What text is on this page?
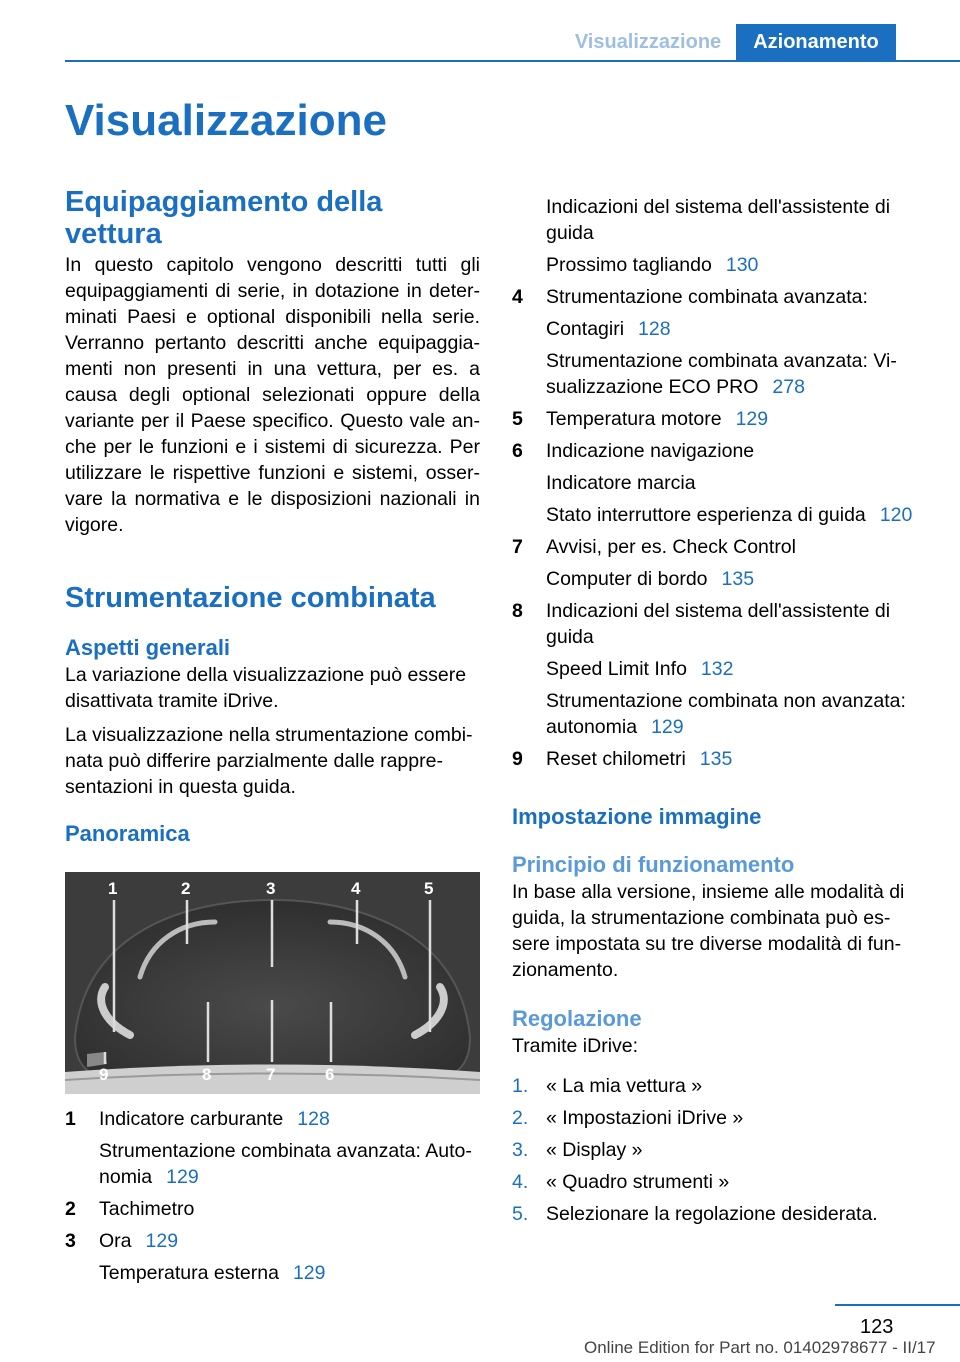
Visualizzazione	Azionamento
Visualizzazione
Equipaggiamento della vettura

In questo capitolo vengono descritti tutti gli equipaggiamenti di serie, in dotazione in determinati Paesi e optional disponibili nella serie. Verranno pertanto descritti anche equipaggiamenti non presenti in una vettura, per es. a causa degli optional selezionati oppure della variante per il Paese specifico. Questo vale anche per le funzioni e i sistemi di sicurezza. Per utilizzare le rispettive funzioni e sistemi, osservare la normativa e le disposizioni nazionali in vigore.

Strumentazione combinata
Aspetti generali

La variazione della visualizzazione può essere disattivata tramite iDrive.

La visualizzazione nella strumentazione combinata può differire parzialmente dalle rappresentazioni in questa guida.

Panoramica
1	2	3	4	5
6
7
8
9
1 Indicatore carburante 128

Strumentazione combinata avanzata: Autonomia 129

2 Tachimetro

3 Ora 129

Temperatura esterna 129

Indicazioni del sistema dell'assistente di guida

Prossimo tagliando 130

4 Strumentazione combinata avanzata:

Contagiri 128

Strumentazione combinata avanzata: Visualizzazione ECO PRO 278

5 Temperatura motore 129

6 Indicazione navigazione

Indicatore marcia

Stato interruttore esperienza di guida 120

7 Avvisi, per es. Check Control

Computer di bordo 135

8 Indicazioni del sistema dell'assistente di guida

Speed Limit Info 132

Strumentazione combinata non avanzata: autonomia 129

9 Reset chilometri 135

Impostazione immagine
Principio di funzionamento

In base alla versione, insieme alle modalità di guida, la strumentazione combinata può essere impostata su tre diverse modalità di funzionamento.

Regolazione

Tramite iDrive:

1. « La mia vettura »

2. « Impostazioni iDrive »

3. « Display »

4. « Quadro strumenti »

5. Selezionare la regolazione desiderata.

123
Online Edition for Part no. 01402978677 - II/17
